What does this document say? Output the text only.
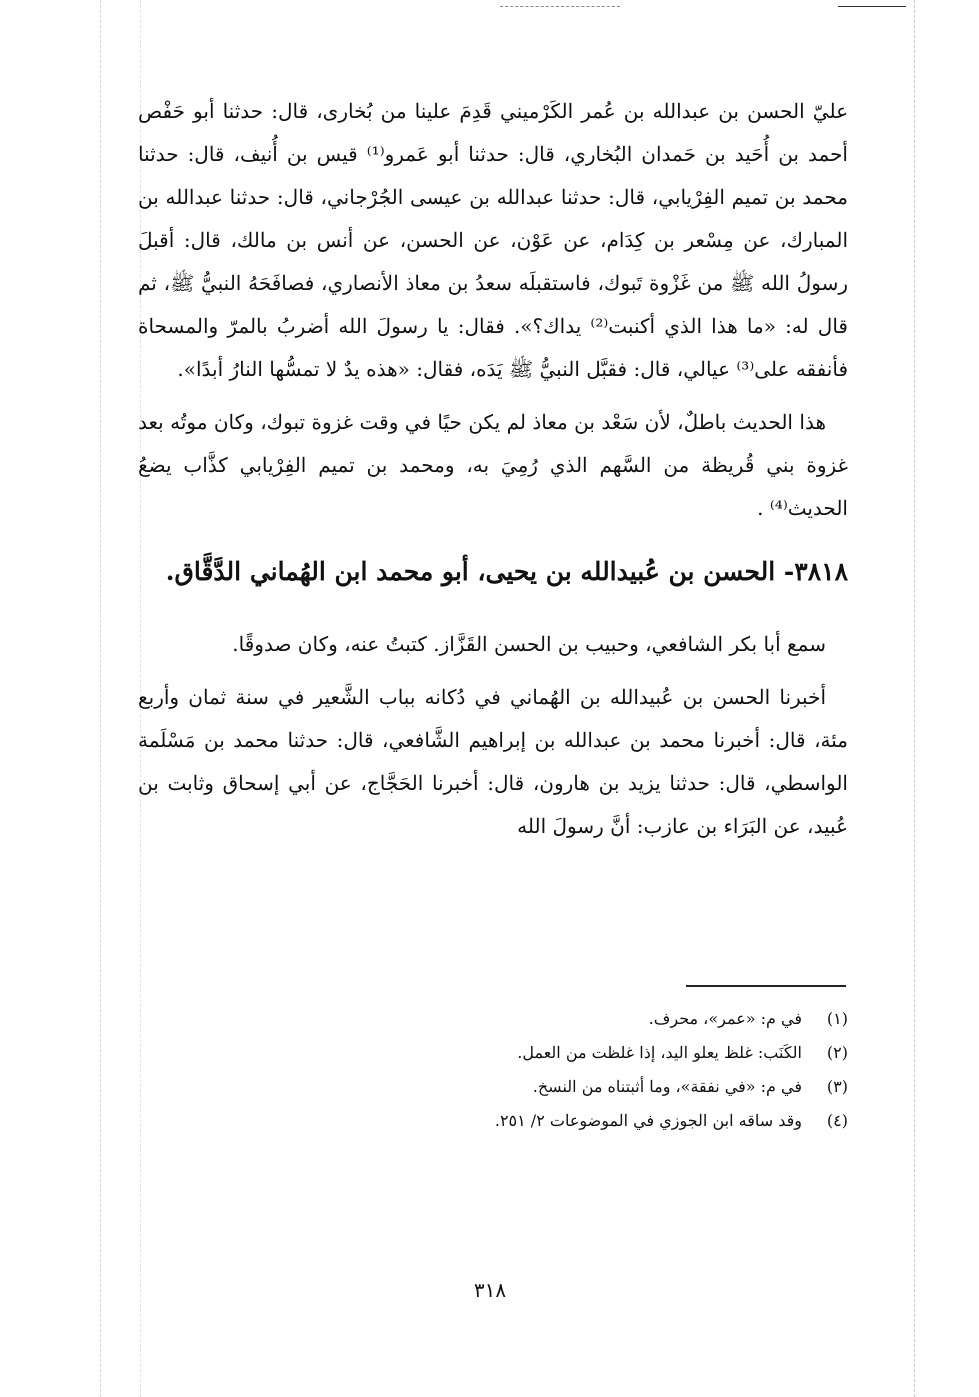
عليّ الحسن بن عبدالله بن عُمر الكَرْميني قَدِمَ علينا من بُخارى، قال: حدثنا أبو حَفْص أحمد بن أُحَيد بن حَمدان البُخاري، قال: حدثنا أبو عَمرو⁽¹⁾ قيس بن أُنيف، قال: حدثنا محمد بن تميم الفِرْيابي، قال: حدثنا عبدالله بن عيسى الجُرْجاني، قال: حدثنا عبدالله بن المبارك، عن مِسْعر بن كِدَام، عن عَوْن، عن الحسن، عن أنس بن مالك، قال: أقبلَ رسولُ الله ﷺ من غَزْوة تَبوك، فاستقبلَه سعدُ بن معاذ الأنصاري، فصافَحَهُ النبيُّ ﷺ، ثم قال له: «ما هذا الذي أكنبت⁽²⁾ يداك؟». فقال: يا رسولَ الله أضربُ بالمرّ والمسحاة فأنفقه على⁽³⁾ عيالي، قال: فقبَّل النبيُّ ﷺ يَدَه، فقال: «هذه يدٌ لا تمسُّها النارُ أبدًا».

هذا الحديث باطلٌ، لأن سَعْد بن معاذ لم يكن حيًا في وقت غزوة تبوك، وكان موتُه بعد غزوة بني قُريظة من السَّهم الذي رُمِيَ به، ومحمد بن تميم الفِرْيابي كذَّاب يضعُ الحديث⁽⁴⁾ .

٣٨١٨- الحسن بن عُبيدالله بن يحيى، أبو محمد ابن الهُماني الدَّقَّاق.

سمع أبا بكر الشافعي، وحبيب بن الحسن القَزَّاز. كتبتُ عنه، وكان صدوقًا.

أخبرنا الحسن بن عُبيدالله بن الهُماني في دُكانه بباب الشَّعير في سنة ثمان وأربع مئة، قال: أخبرنا محمد بن عبدالله بن إبراهيم الشَّافعي، قال: حدثنا محمد بن مَسْلَمة الواسطي، قال: حدثنا يزيد بن هارون، قال: أخبرنا الحَجَّاج، عن أبي إسحاق وثابت بن عُبيد، عن البَرَاء بن عازب: أنَّ رسولَ الله

(١)في م: «عمر»، محرف.

(٢)الكَنَب: غلظ يعلو اليد، إذا غلظت من العمل.

(٣)في م: «في نفقة»، وما أثبتناه من النسخ.

(٤)وقد ساقه ابن الجوزي في الموضوعات ٢/ ٢٥١.

٣١٨
